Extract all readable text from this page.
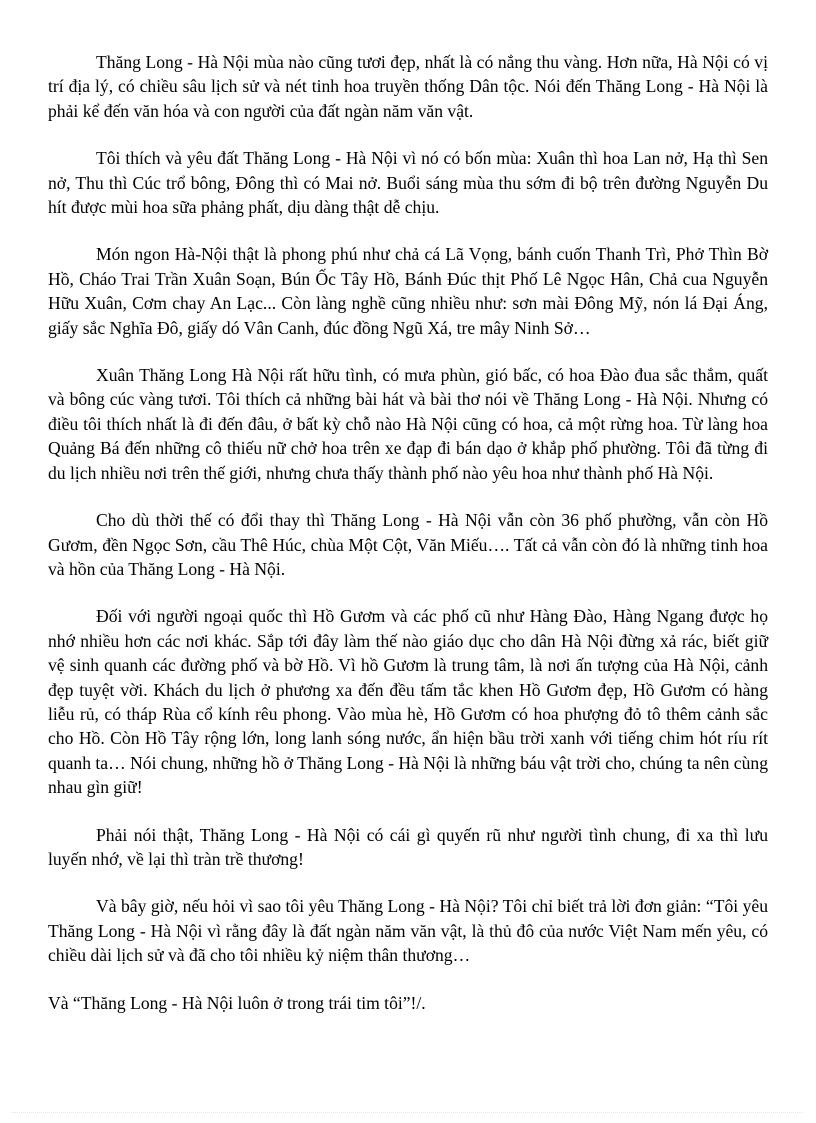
Thăng Long - Hà Nội mùa nào cũng tươi đẹp, nhất là có nắng thu vàng. Hơn nữa, Hà Nội có vị trí địa lý, có chiều sâu lịch sử và nét tinh hoa truyền thống Dân tộc. Nói đến Thăng Long - Hà Nội là phải kể đến văn hóa và con người của đất ngàn năm văn vật.

Tôi thích và yêu đất Thăng Long - Hà Nội vì nó có bốn mùa: Xuân thì hoa Lan nở, Hạ thì Sen nở, Thu thì Cúc trổ bông, Đông thì có Mai nở. Buổi sáng mùa thu sớm đi bộ trên đường Nguyễn Du hít được mùi hoa sữa phảng phất, dịu dàng thật dễ chịu.

Món ngon Hà-Nội thật là phong phú như chả cá Lã Vọng, bánh cuốn Thanh Trì, Phở Thìn Bờ Hồ, Cháo Trai Trần Xuân Soạn, Bún Ốc Tây Hồ, Bánh Đúc thịt Phố Lê Ngọc Hân, Chả cua Nguyễn Hữu Xuân, Cơm chay An Lạc... Còn làng nghề cũng nhiều như: sơn mài Đông Mỹ, nón lá Đại Áng, giấy sắc Nghĩa Đô, giấy dó Vân Canh, đúc đồng Ngũ Xá, tre mây Ninh Sở…

Xuân Thăng Long Hà Nội rất hữu tình, có mưa phùn, gió bấc, có hoa Đào đua sắc thắm, quất và bông cúc vàng tươi. Tôi thích cả những bài hát và bài thơ nói về Thăng Long - Hà Nội. Nhưng có điều tôi thích nhất là đi đến đâu, ở bất kỳ chỗ nào Hà Nội cũng có hoa, cả một rừng hoa. Từ làng hoa Quảng Bá đến những cô thiếu nữ chở hoa trên xe đạp đi bán dạo ở khắp phố phường. Tôi đã từng đi du lịch nhiều nơi trên thế giới, nhưng chưa thấy thành phố nào yêu hoa như thành phố Hà Nội.

Cho dù thời thế có đổi thay thì Thăng Long - Hà Nội vẫn còn 36 phố phường, vẫn còn Hồ Gươm, đền Ngọc Sơn, cầu Thê Húc, chùa Một Cột, Văn Miếu…. Tất cả vẫn còn đó là những tinh hoa và hồn của Thăng Long - Hà Nội.

Đối với người ngoại quốc thì Hồ Gươm và các phố cũ như Hàng Đào, Hàng Ngang được họ nhớ nhiều hơn các nơi khác. Sắp tới đây làm thế nào giáo dục cho dân Hà Nội đừng xả rác, biết giữ vệ sinh quanh các đường phố và bờ Hồ. Vì hồ Gươm là trung tâm, là nơi ấn tượng của Hà Nội, cảnh đẹp tuyệt vời. Khách du lịch ở phương xa đến đều tấm tắc khen Hồ Gươm đẹp, Hồ Gươm có hàng liễu rủ, có tháp Rùa cổ kính rêu phong. Vào mùa hè, Hồ Gươm có hoa phượng đỏ tô thêm cảnh sắc cho Hồ. Còn Hồ Tây rộng lớn, long lanh sóng nước, ẩn hiện bầu trời xanh với tiếng chim hót ríu rít quanh ta… Nói chung, những hồ ở Thăng Long - Hà Nội là những báu vật trời cho, chúng ta nên cùng nhau gìn giữ!

Phải nói thật, Thăng Long - Hà Nội có cái gì quyến rũ như người tình chung, đi xa thì lưu luyến nhớ, về lại thì tràn trề thương!

Và bây giờ, nếu hỏi vì sao tôi yêu Thăng Long - Hà Nội? Tôi chỉ biết trả lời đơn giản: “Tôi yêu Thăng Long - Hà Nội vì rằng đây là đất ngàn năm văn vật, là thủ đô của nước Việt Nam mến yêu, có chiều dài lịch sử và đã cho tôi nhiều kỷ niệm thân thương…

Và “Thăng Long - Hà Nội luôn ở trong trái tim tôi”!/.
